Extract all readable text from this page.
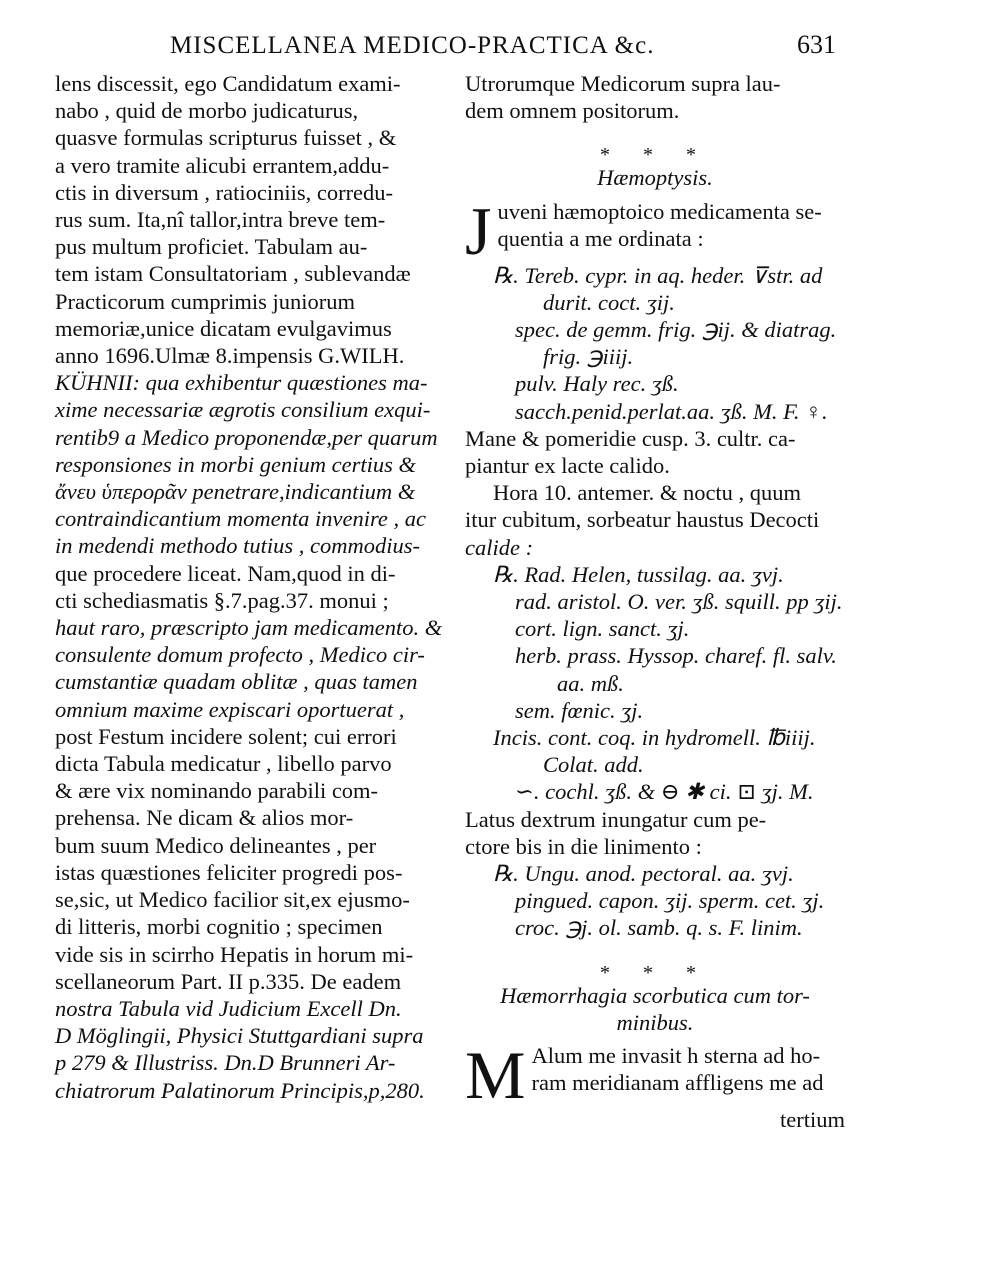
MISCELLANEA MEDICO-PRACTICA &c.	631
lens discessit, ego Candidatum exami-
nabo , quid de morbo judicaturus,
quasve formulas scripturus fuisset , &
a vero tramite alicubi errantem,addu-
ctis in diversum , ratiociniis, corredu-
rus sum. Ita,nî tallor,intra breve tem-
pus multum proficiet. Tabulam au-
tem istam Consultatoriam , sublevandæ
Practicorum cumprimis juniorum
memoriæ,unice dicatam evulgavimus
anno 1696.Ulmæ 8.impensis G.WILH.
KÜHNII: qua exhibentur quæstiones ma-
xime necessariæ ægrotis consilium exqui-
rentib9 a Medico proponendæ,per quarum
responsiones in morbi genium certius &
ἄνευ ὑπερορᾶν penetrare,indicantium &
contraindicantium momenta invenire , ac
in medendi methodo tutius , commodius-
que procedere liceat. Nam,quod in di-
cti schediasmatis §.7.pag.37. monui ;
haut raro, præscripto jam medicamento. &
consulente domum profecto , Medico cir-
cumstantiæ quadam oblitæ , quas tamen
omnium maxime expiscari oportuerat ,
post Festum incidere solent; cui errori
dicta Tabula medicatur , libello parvo
& ære vix nominando parabili com-
prehensa. Ne dicam & alios mor-
bum suum Medico delineantes , per
istas quæstiones feliciter progredi pos-
se,sic, ut Medico facilior sit,ex ejusmo-
di litteris, morbi cognitio ; specimen
vide sis in scirrho Hepatis in horum mi-
scellaneorum Part. II p.335. De eadem
nostra Tabula vid Judicium Excell Dn.
D Möglingii, Physici Stuttgardiani supra
p 279 & Illustriss. Dn.D Brunneri Ar-
chiatrorum Palatinorum Principis,p,280.
Utrorumque Medicorum supra lau-
dem omnem positorum.
* * *
Hæmoptysis.
J uveni hæmoptoico medicamenta se-
quentia a me ordinata :
℞. Tereb. cypr. in aq. heder. ⊽str. ad
durit. coct. ʒij.
spec. de gemm. frig. ℈ij. & diatrag.
frig. ℈iiij.
pulv. Haly rec. ʒß.
sacch.penid.perlat.aa. ʒß. M. F. ♀.
Mane & pomeridie cusp. 3. cultr. ca-
piantur ex lacte calido.
Hora 10. antemer. & noctu , quum
itur cubitum, sorbeatur haustus Decocti
calide :
℞. Rad. Helen, tussilag. aa. ʒvj.
rad. aristol. O. ver. ʒß. squill. pp ʒij.
cort. lign. sanct. ʒj.
herb. prass. Hyssop. charef. fl. salv.
aa. mß.
sem. fœnic. ʒj.
Incis. cont. coq. in hydromell. ℔iiij.
Colat. add.
∽. cochl. ʒß. & ⊖ ✱ ci. ⊡ ʒj. M.
Latus dextrum inungatur cum pe-
ctore bis in die linimento :
℞. Ungu. anod. pectoral. aa. ʒvj.
pingued. capon. ʒij. sperm. cet. ʒj.
croc. ℈j. ol. samb. q. s. F. linim.
* * *
Hæmorrhagia scorbutica cum tor-
minibus.
M Alum me invasit h sterna ad ho-
ram meridianam affligens me ad
tertium
